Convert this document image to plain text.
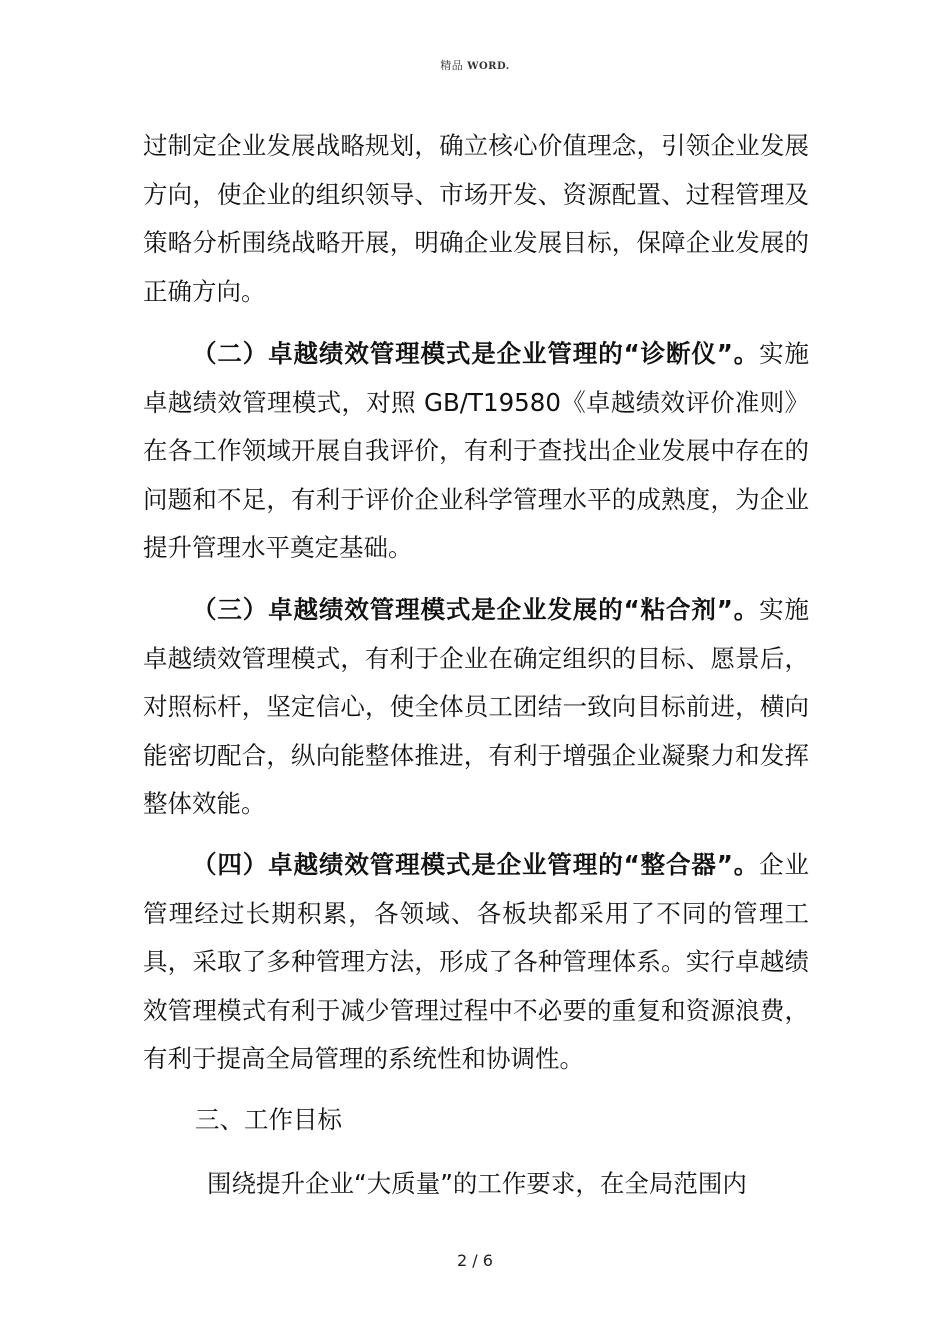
精品 WORD.

过制定企业发展战略规划，确立核心价值理念，引领企业发展方向，使企业的组织领导、市场开发、资源配置、过程管理及策略分析围绕战略开展，明确企业发展目标，保障企业发展的正确方向。

（二）卓越绩效管理模式是企业管理的“诊断仪”。实施卓越绩效管理模式，对照 GB/T19580《卓越绩效评价准则》在各工作领域开展自我评价，有利于查找出企业发展中存在的问题和不足，有利于评价企业科学管理水平的成熟度，为企业提升管理水平奠定基础。

（三）卓越绩效管理模式是企业发展的“粘合剂”。实施卓越绩效管理模式，有利于企业在确定组织的目标、愿景后，对照标杆，坚定信心，使全体员工团结一致向目标前进，横向能密切配合，纵向能整体推进，有利于增强企业凝聚力和发挥整体效能。

（四）卓越绩效管理模式是企业管理的“整合器”。企业管理经过长期积累，各领域、各板块都采用了不同的管理工具，采取了多种管理方法，形成了各种管理体系。实行卓越绩效管理模式有利于减少管理过程中不必要的重复和资源浪费，有利于提高全局管理的系统性和协调性。

三、工作目标

围绕提升企业“大质量”的工作要求，在全局范围内

2 / 6
